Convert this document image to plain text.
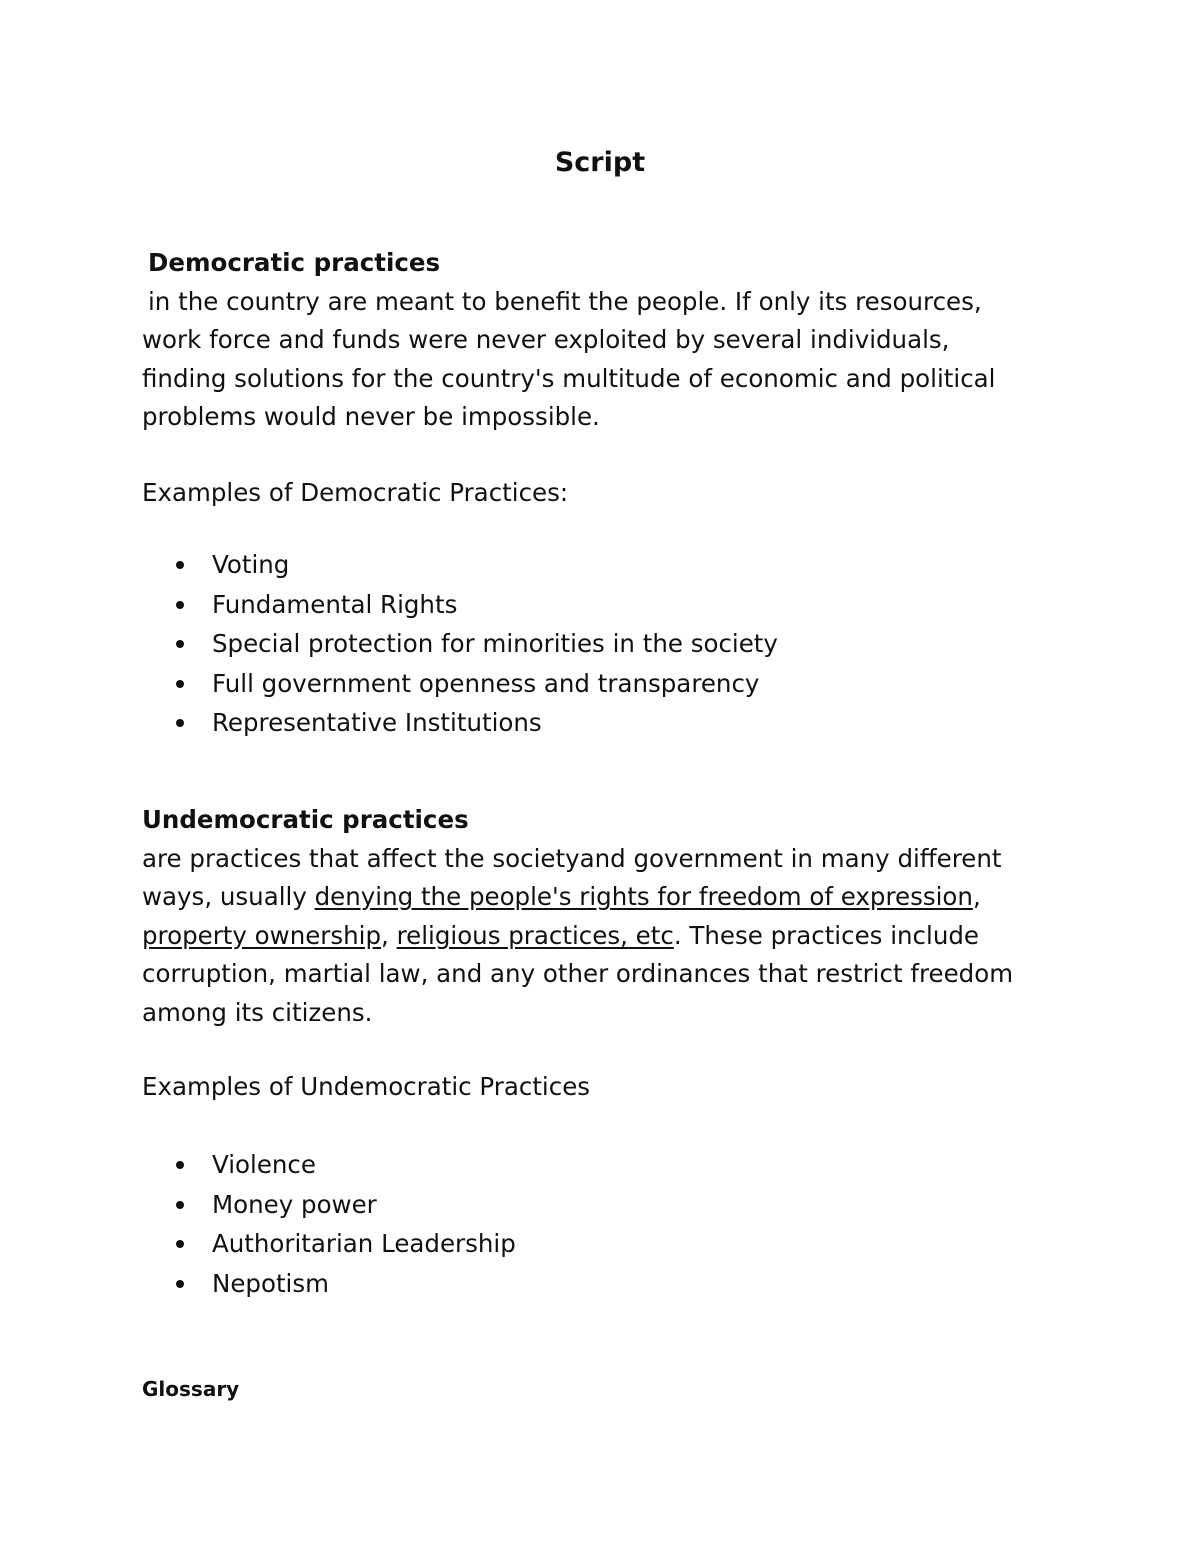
Script
Democratic practices
in the country are meant to benefit the people. If only its resources,
work force and funds were never exploited by several individuals,
finding solutions for the country's multitude of economic and political
problems would never be impossible.
Examples of Democratic Practices:
Voting
Fundamental Rights
Special protection for minorities in the society
Full government openness and transparency
Representative Institutions
Undemocratic practices
are practices that affect the societyand government in many different
ways, usually denying the people's rights for freedom of expression,
property ownership, religious practices, etc. These practices include
corruption, martial law, and any other ordinances that restrict freedom
among its citizens.
Examples of Undemocratic Practices
Violence
Money power
Authoritarian Leadership
Nepotism

Glossary
